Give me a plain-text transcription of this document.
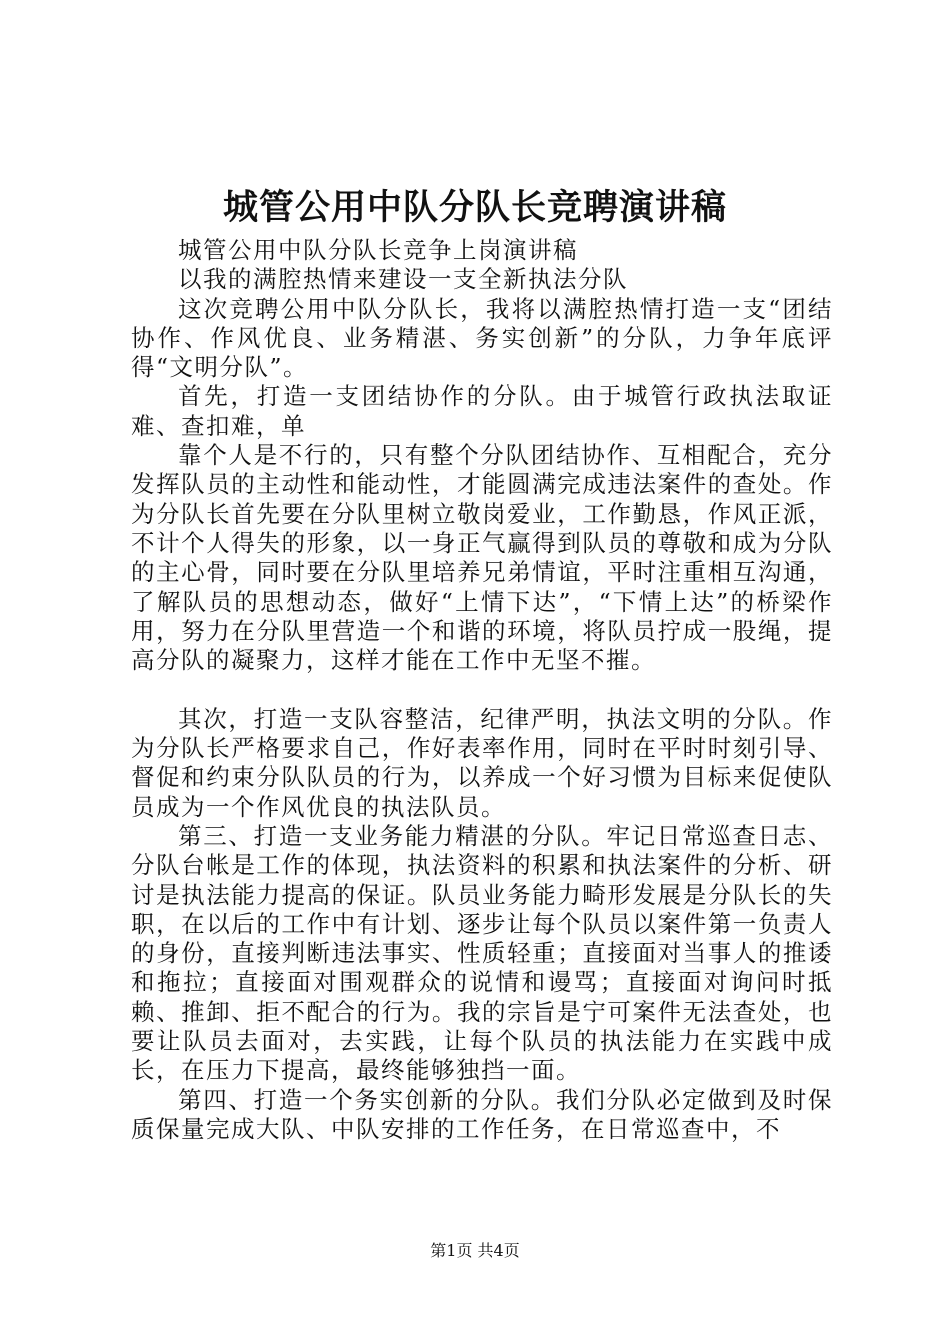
城管公用中队分队长竞聘演讲稿

城管公用中队分队长竞争上岗演讲稿

以我的满腔热情来建设一支全新执法分队

这次竞聘公用中队分队长，我将以满腔热情打造一支“团结协作、作风优良、业务精湛、务实创新”的分队，力争年底评得“文明分队”。

首先，打造一支团结协作的分队。由于城管行政执法取证难、查扣难，单

靠个人是不行的，只有整个分队团结协作、互相配合，充分发挥队员的主动性和能动性，才能圆满完成违法案件的查处。作为分队长首先要在分队里树立敬岗爱业，工作勤恳，作风正派，不计个人得失的形象，以一身正气赢得到队员的尊敬和成为分队的主心骨，同时要在分队里培养兄弟情谊，平时注重相互沟通，了解队员的思想动态，做好“上情下达”，“下情上达”的桥梁作用，努力在分队里营造一个和谐的环境，将队员拧成一股绳，提高分队的凝聚力，这样才能在工作中无坚不摧。

其次，打造一支队容整洁，纪律严明，执法文明的分队。作为分队长严格要求自己，作好表率作用，同时在平时时刻引导、督促和约束分队队员的行为，以养成一个好习惯为目标来促使队员成为一个作风优良的执法队员。

第三、打造一支业务能力精湛的分队。牢记日常巡查日志、分队台帐是工作的体现，执法资料的积累和执法案件的分析、研讨是执法能力提高的保证。队员业务能力畸形发展是分队长的失职，在以后的工作中有计划、逐步让每个队员以案件第一负责人的身份，直接判断违法事实、性质轻重；直接面对当事人的推诿和拖拉；直接面对围观群众的说情和谩骂；直接面对询问时抵赖、推卸、拒不配合的行为。我的宗旨是宁可案件无法查处，也要让队员去面对，去实践，让每个队员的执法能力在实践中成长，在压力下提高，最终能够独挡一面。

第四、打造一个务实创新的分队。我们分队必定做到及时保质保量完成大队、中队安排的工作任务，在日常巡查中，不

第1页 共4页
